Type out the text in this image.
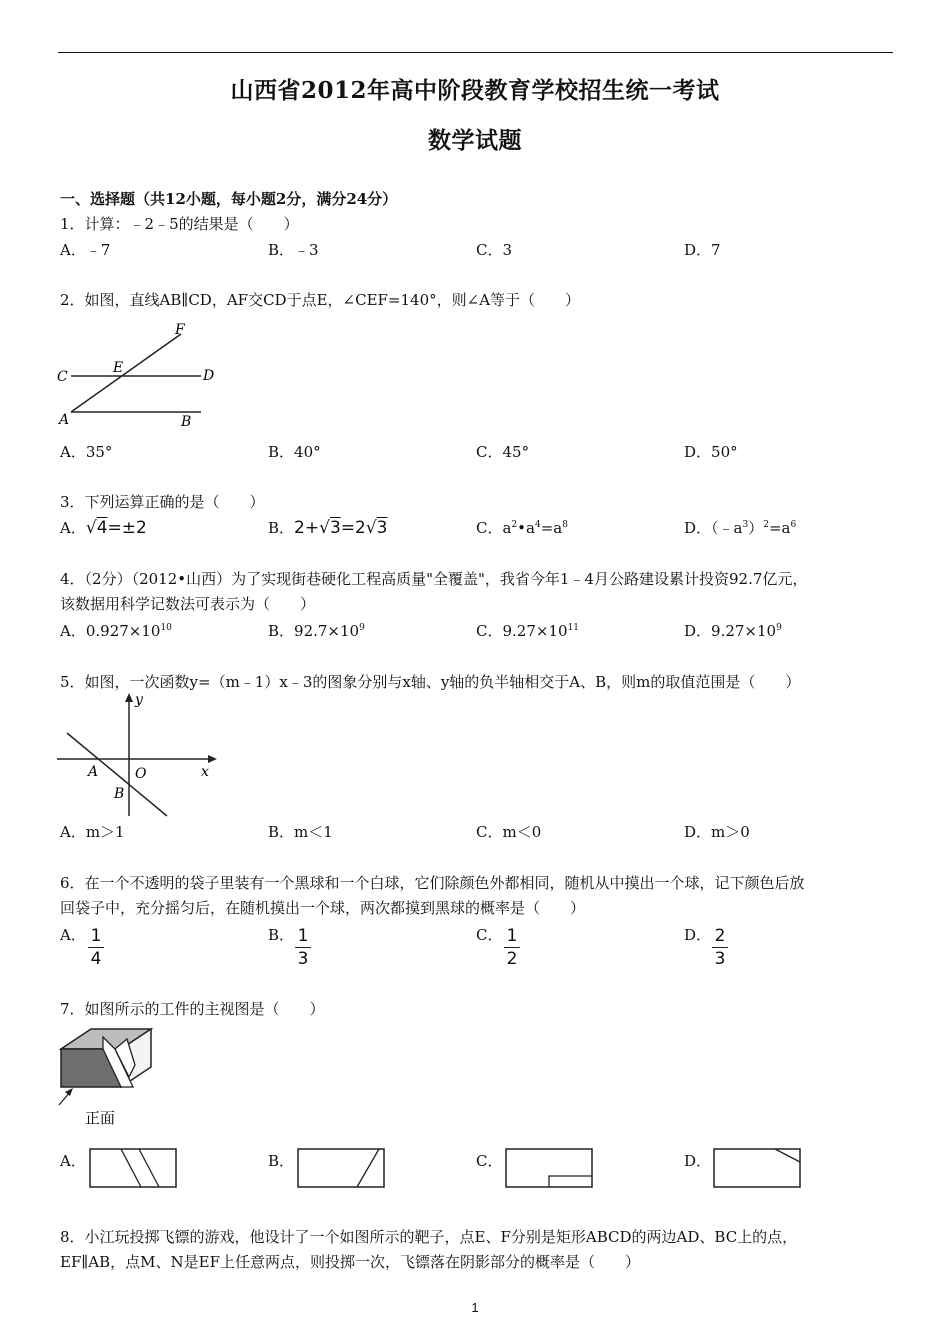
山西省2012年高中阶段教育学校招生统一考试
数学试题
一、选择题（共12小题，每小题2分，满分24分）
1．计算：﹣2﹣5的结果是（　　）
A．﹣7	B．﹣3	C．3	D．7
2．如图，直线AB∥CD，AF交CD于点E，∠CEF=140°，则∠A等于（　　）
F
C
E	D
A	B
A．35°	B．40°	C．45°	D．50°
3．下列运算正确的是（　　）
A．√4=±2	B．2+√3=2√3	C．$a^2•a^4=a^8$	D．$(﹣a^3)^2=a^6$
4．（2分）（2012•山西）为了实现街巷硬化工程高质量"全覆盖"，我省今年1﹣4月公路建设累计投资92.7亿元，
该数据用科学记数法可表示为（　　）
A．$0.927\times 10^{10}$	B．$92.7\times 10^9$	C．$9.27\times 10^{11}$	D．$9.27\times 10^9$
5．如图，一次函数y=（m﹣1）x﹣3的图象分别与x轴、y轴的负半轴相交于A、B，则m的取值范围是（　　）
y
x
A	O
B
A．m＞1	B．m＜1	C．m＜0	D．m＞0
6．在一个不透明的袋子里装有一个黑球和一个白球，它们除颜色外都相同，随机从中摸出一个球，记下颜色后放
回袋子中，充分摇匀后，在随机摸出一个球，两次都摸到黑球的概率是（　　）
A． 1
4
B． 1
3
C． 1
2
D． 2
3
7．如图所示的工件的主视图是（　　）
正面
A．	B．	C．	D．
8．小江玩投掷飞镖的游戏，他设计了一个如图所示的靶子，点E、F分别是矩形ABCD的两边AD、BC上的点，
EF∥AB，点M、N是EF上任意两点，则投掷一次，飞镖落在阴影部分的概率是（　　）
1
